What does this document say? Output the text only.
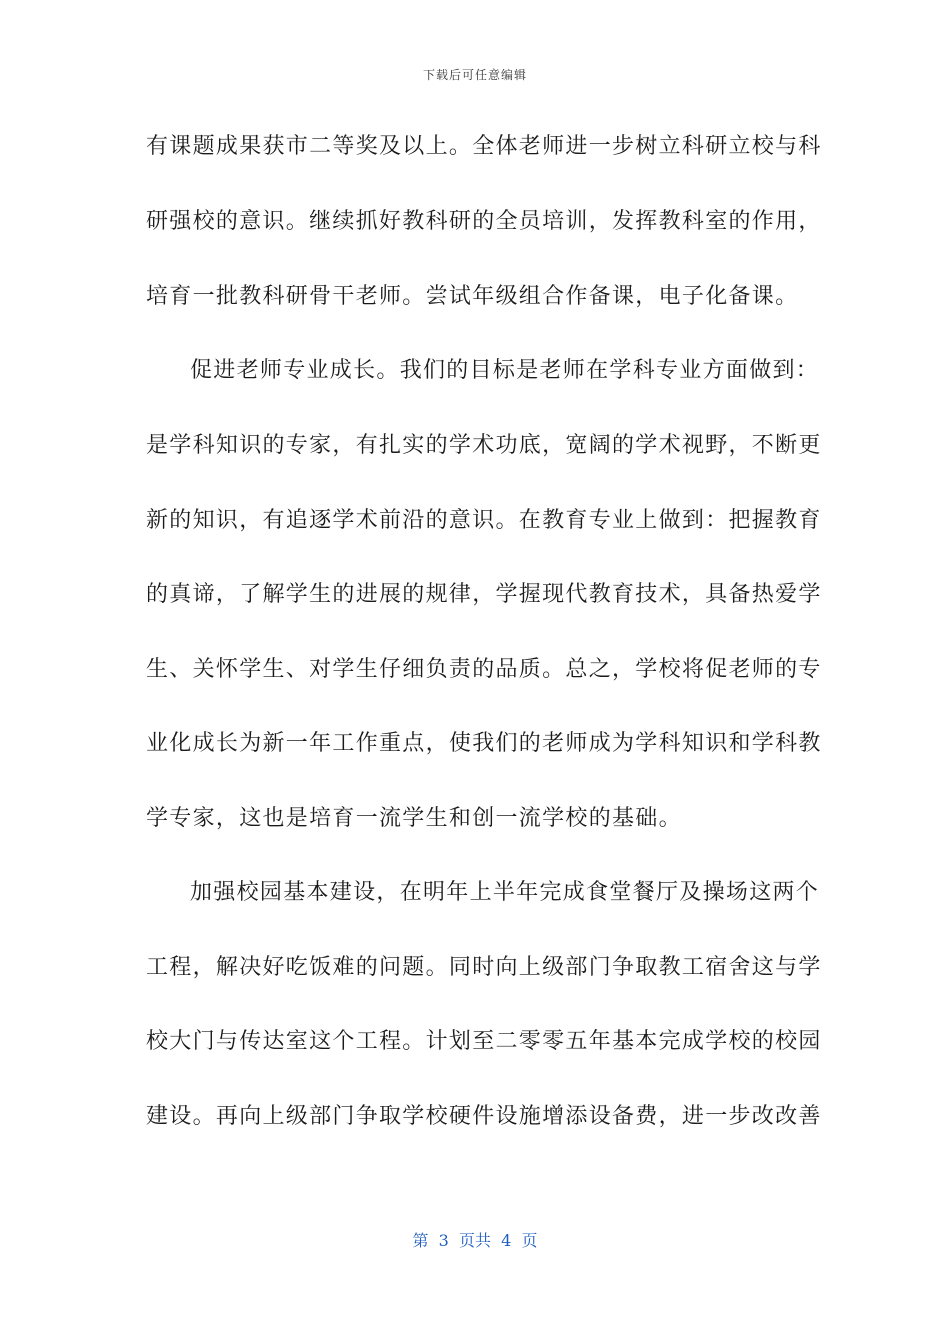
下载后可任意编辑
有课题成果获市二等奖及以上。全体老师进一步树立科研立校与科
研强校的意识。继续抓好教科研的全员培训，发挥教科室的作用，
培育一批教科研骨干老师。尝试年级组合作备课，电子化备课。
促进老师专业成长。我们的目标是老师在学科专业方面做到：
是学科知识的专家，有扎实的学术功底，宽阔的学术视野，不断更
新的知识，有追逐学术前沿的意识。在教育专业上做到：把握教育
的真谛，了解学生的进展的规律，学握现代教育技术，具备热爱学
生、关怀学生、对学生仔细负责的品质。总之，学校将促老师的专
业化成长为新一年工作重点，使我们的老师成为学科知识和学科教
学专家，这也是培育一流学生和创一流学校的基础。
加强校园基本建设，在明年上半年完成食堂餐厅及操场这两个
工程，解决好吃饭难的问题。同时向上级部门争取教工宿舍这与学
校大门与传达室这个工程。计划至二零零五年基本完成学校的校园
建设。再向上级部门争取学校硬件设施增添设备费，进一步改改善
第  3  页共  4  页
